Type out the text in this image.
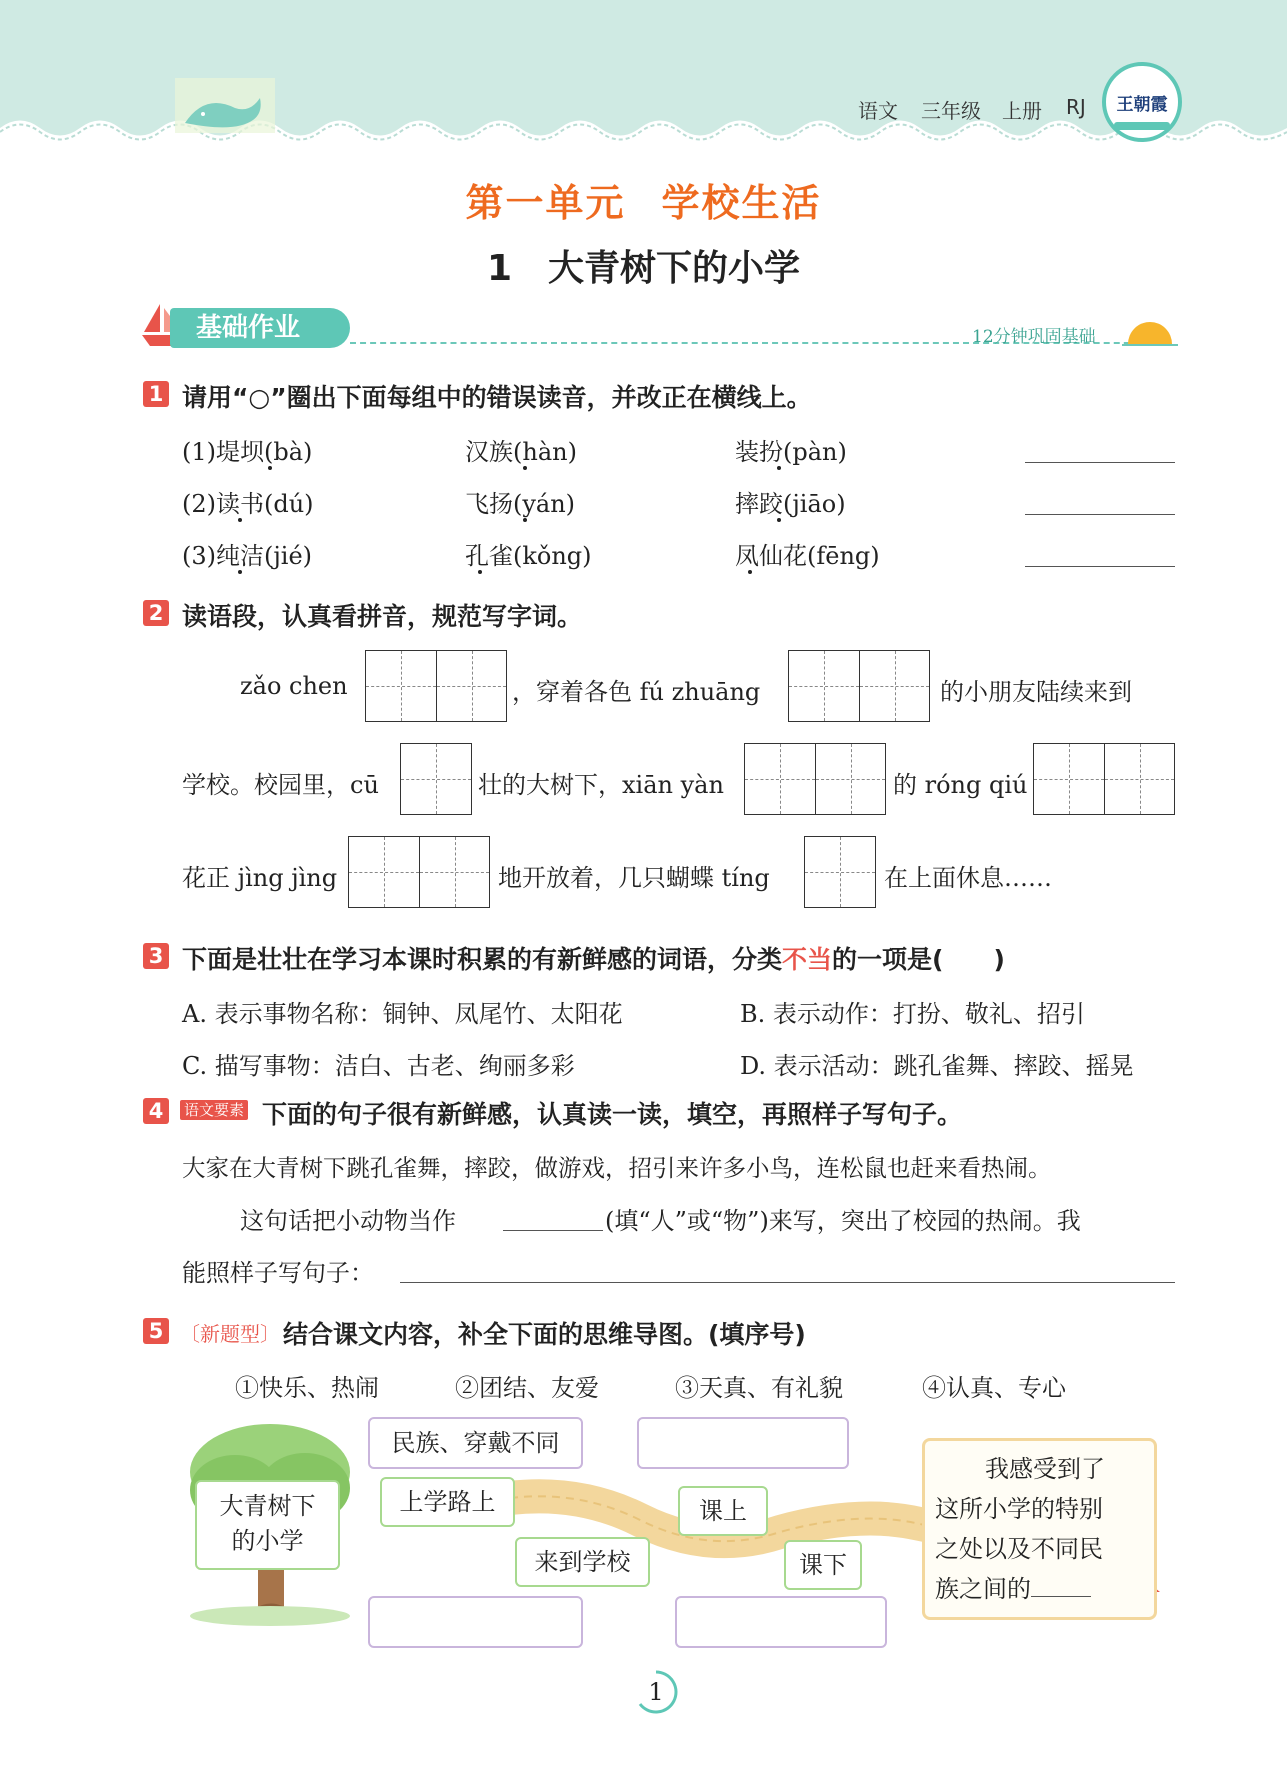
语文 三年级 上册 RJ	王朝霞
第一单元 学校生活
1　大青树下的小学
基础作业	12分钟巩固基础
1 请用“○”圈出下面每组中的错误读音，并改正在横线上。
(1)堤坝(bà)	汉族(hàn)	装扮(pàn)
(2)读书(dú)	飞扬(yán)	摔跤(jiāo)
(3)纯洁(jié)	孔雀(kǒng)	凤仙花(fēng)
2 读语段，认真看拼音，规范写字词。
zǎo chen	，穿着各色 fú zhuāng	的小朋友陆续来到
学校。校园里，cū	壮的大树下，xiān yàn	的 róng qiú
花正 jìng jìng	地开放着，几只蝴蝶 tíng	在上面休息……
3 下面是壮壮在学习本课时积累的有新鲜感的词语，分类不当的一项是(　　)
A. 表示事物名称：铜钟、凤尾竹、太阳花	B. 表示动作：打扮、敬礼、招引
C. 描写事物：洁白、古老、绚丽多彩	D. 表示活动：跳孔雀舞、摔跤、摇晃
4	语文要素 下面的句子很有新鲜感，认真读一读，填空，再照样子写句子。
大家在大青树下跳孔雀舞，摔跤，做游戏，招引来许多小鸟，连松鼠也赶来看热闹。
这句话把小动物当作	(填“人”或“物”)来写，突出了校园的热闹。我
能照样子写句子：
5 〔新题型〕 结合课文内容，补全下面的思维导图。(填序号)
①快乐、热闹	②团结、友爱	③天真、有礼貌	④认真、专心
大青树下
的小学
民族、穿戴不同
上学路上
来到学校
课上
课下
我感受到了
这所小学的特别
之处以及不同民
族之间的
1
